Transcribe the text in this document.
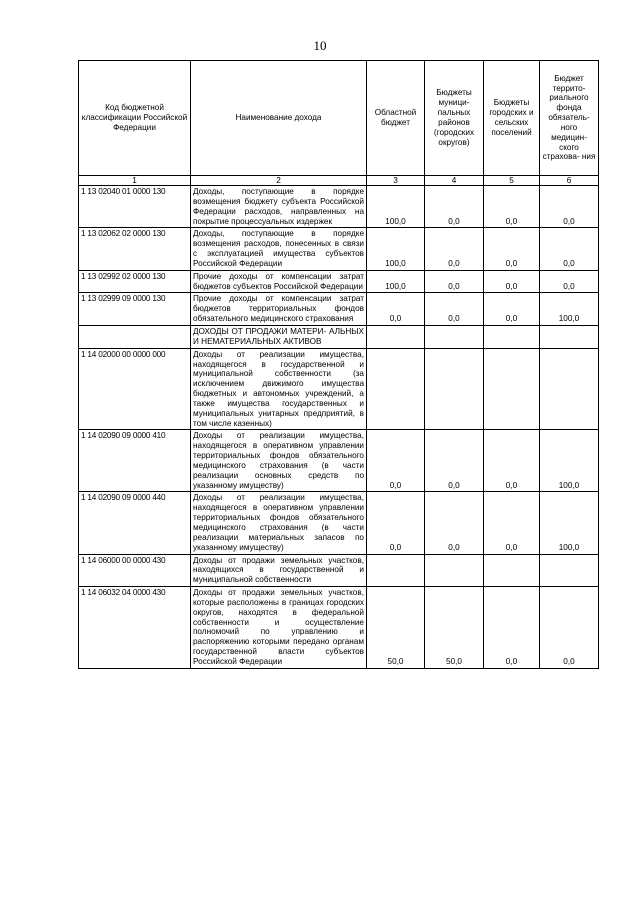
10
Код бюджетной классификации Российской Федерации	Наименование дохода	Областной бюджет	Бюджеты муници- пальных районов (городских округов)	Бюджеты городских и сельских поселений	Бюджет террито- риального фонда обязатель- ного медицин- ского страхова- ния
1	2	3	4	5	6
1 13 02040 01 0000 130	Доходы, поступающие в порядке возмещения бюджету субъекта Российской Федерации расходов, направленных на покрытие процессуальных издержек	100,0	0,0	0,0	0,0
1 13 02062 02 0000 130	Доходы, поступающие в порядке возмещения расходов, понесенных в связи с эксплуатацией имущества субъектов Российской Федерации	100,0	0,0	0,0	0,0
1 13 02992 02 0000 130	Прочие доходы от компенсации затрат бюджетов субъектов Российской Федерации	100,0	0,0	0,0	0,0
1 13 02999 09 0000 130	Прочие доходы от компенсации затрат бюджетов территориальных фондов обязательного медицинского страхования	0,0	0,0	0,0	100,0
	ДОХОДЫ ОТ ПРОДАЖИ МАТЕРИ- АЛЬНЫХ И НЕМАТЕРИАЛЬНЫХ АКТИВОВ				
1 14 02000 00 0000 000	Доходы от реализации имущества, находящегося в государственной и муниципальной собственности (за исключением движимого имущества бюджетных и автономных учреждений, а также имущества государственных и муниципальных унитарных предприятий, в том числе казенных)				
1 14 02090 09 0000 410	Доходы от реализации имущества, находящегося в оперативном управлении территориальных фондов обязательного медицинского страхования (в части реализации основных средств по указанному имуществу)	0,0	0,0	0,0	100,0
1 14 02090 09 0000 440	Доходы от реализации имущества, находящегося в оперативном управлении территориальных фондов обязательного медицинского страхования (в части реализации материальных запасов по указанному имуществу)	0,0	0,0	0,0	100,0
1 14 06000 00 0000 430	Доходы от продажи земельных участков, находящихся в государственной и муниципальной собственности				
1 14 06032 04 0000 430	Доходы от продажи земельных участков, которые расположены в границах городских округов, находятся в федеральной собственности и осуществление полномочий по управлению и распоряжению которыми передано органам государственной власти субъектов Российской Федерации	50,0	50,0	0,0	0,0
